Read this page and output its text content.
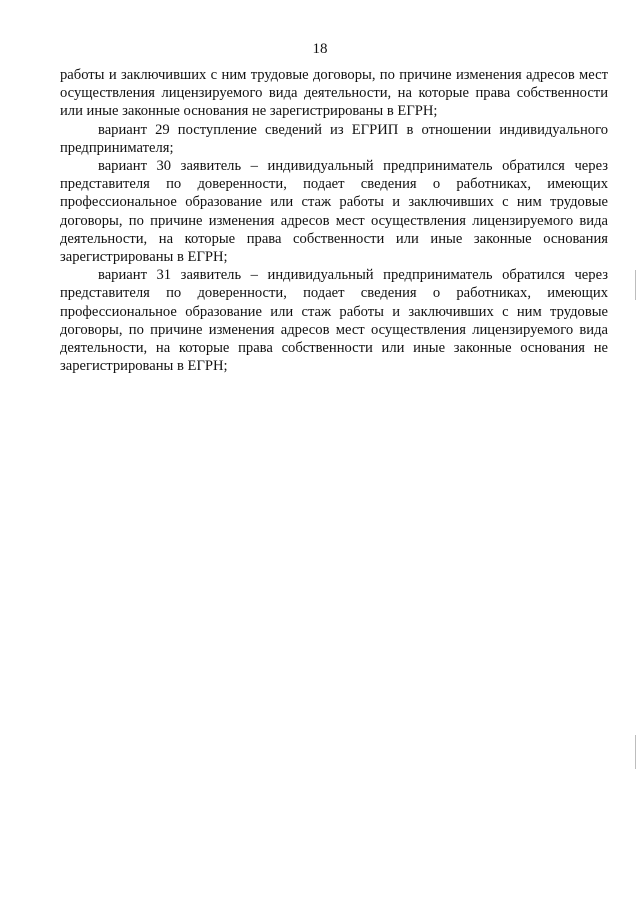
18

работы и заключивших с ним трудовые договоры, по причине изменения адресов мест осуществления лицензируемого вида деятельности, на которые права собственности или иные законные основания не зарегистрированы в ЕГРН;

вариант 29 поступление сведений из ЕГРИП в отношении индивидуального предпринимателя;

вариант 30 заявитель – индивидуальный предприниматель обратился через представителя по доверенности, подает сведения о работниках, имеющих профессиональное образование или стаж работы и заключивших с ним трудовые договоры, по причине изменения адресов мест осуществления лицензируемого вида деятельности, на которые права собственности или иные законные основания зарегистрированы в ЕГРН;

вариант 31 заявитель – индивидуальный предприниматель обратился через представителя по доверенности, подает сведения о работниках, имеющих профессиональное образование или стаж работы и заключивших с ним трудовые договоры, по причине изменения адресов мест осуществления лицензируемого вида деятельности, на которые права собственности или иные законные основания не зарегистрированы в ЕГРН;
